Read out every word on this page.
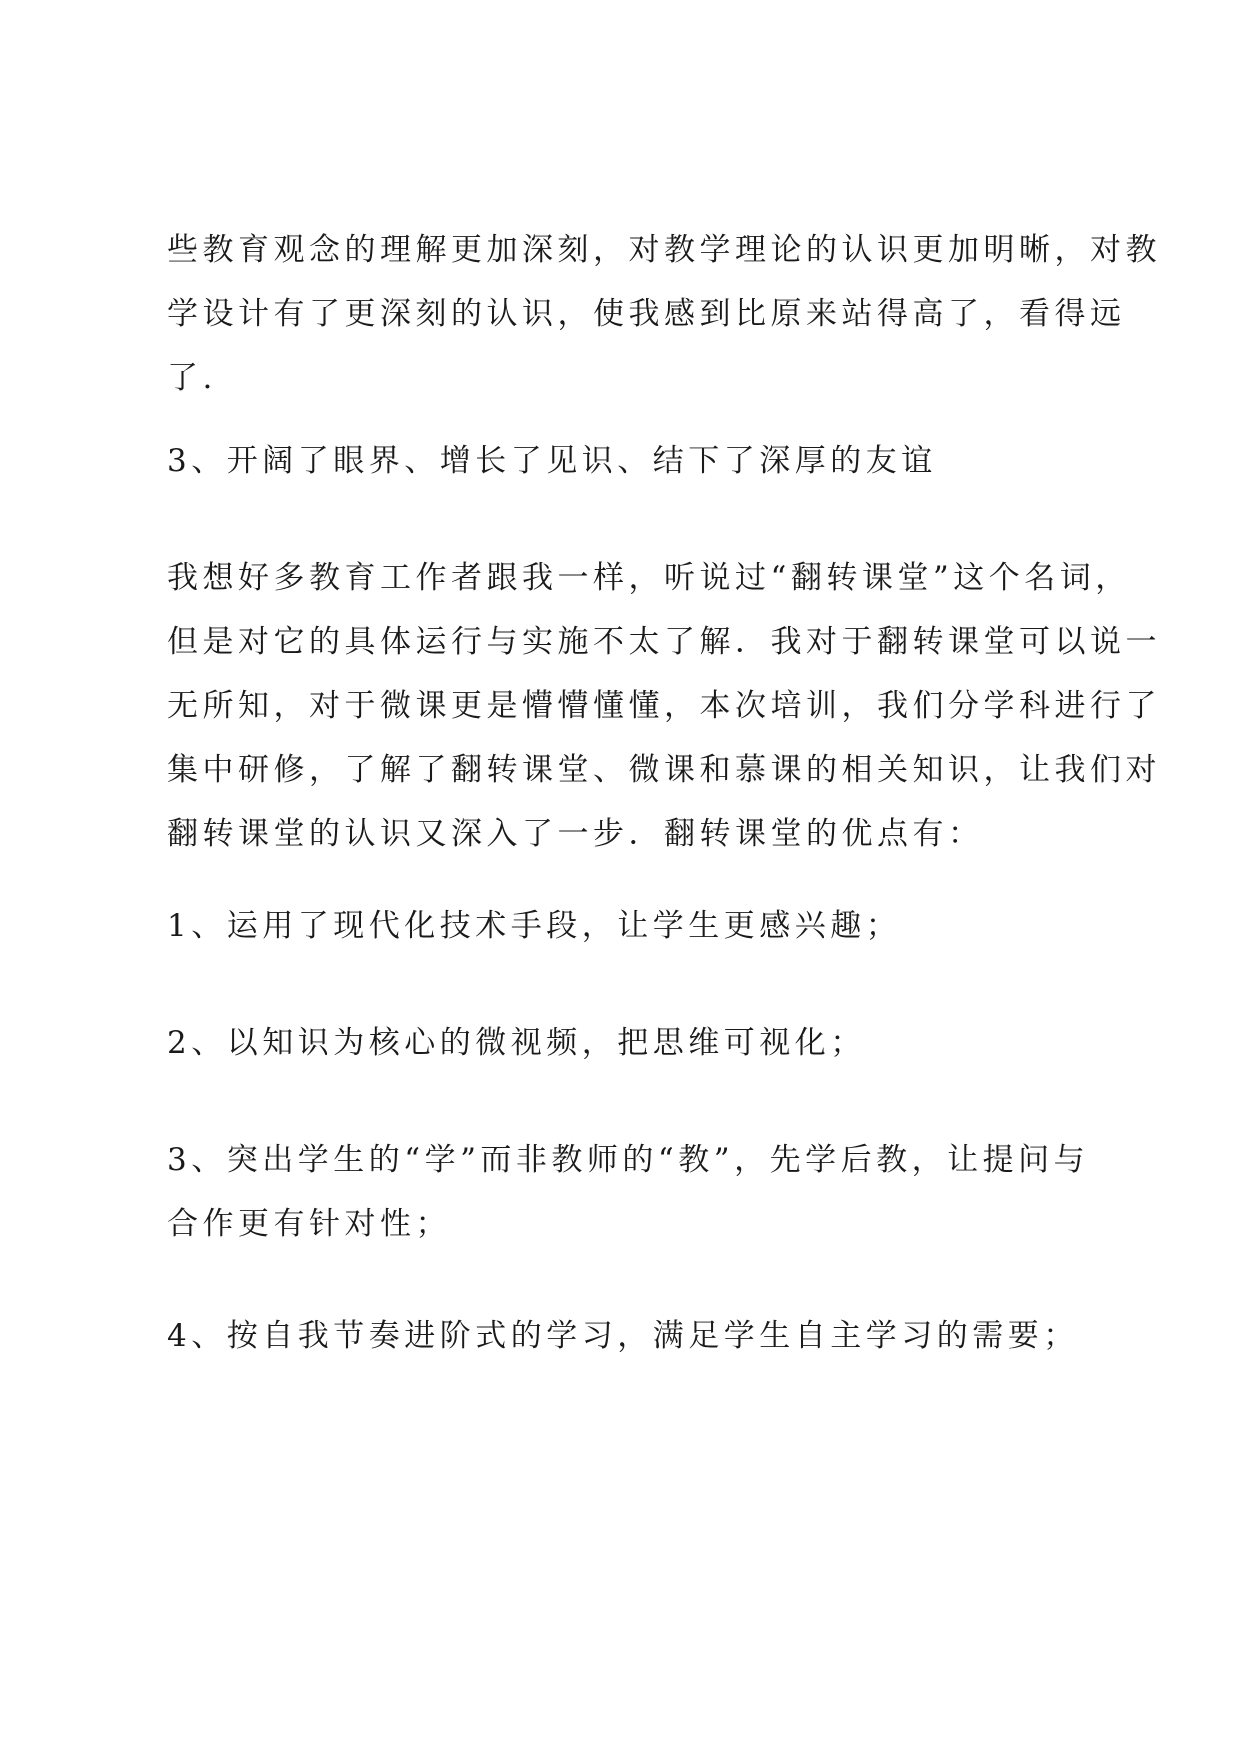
些教育观念的理解更加深刻，对教学理论的认识更加明晰，对教
学设计有了更深刻的认识，使我感到比原来站得高了，看得远
了.

3、开阔了眼界、增长了见识、结下了深厚的友谊

我想好多教育工作者跟我一样，听说过“翻转课堂”这个名词，
但是对它的具体运行与实施不太了解．我对于翻转课堂可以说一
无所知，对于微课更是懵懵懂懂，本次培训，我们分学科进行了
集中研修，了解了翻转课堂、微课和慕课的相关知识，让我们对
翻转课堂的认识又深入了一步．翻转课堂的优点有：

1、运用了现代化技术手段，让学生更感兴趣；

2、以知识为核心的微视频，把思维可视化；

3、突出学生的“学”而非教师的“教”，先学后教，让提问与
合作更有针对性；

4、按自我节奏进阶式的学习，满足学生自主学习的需要；
